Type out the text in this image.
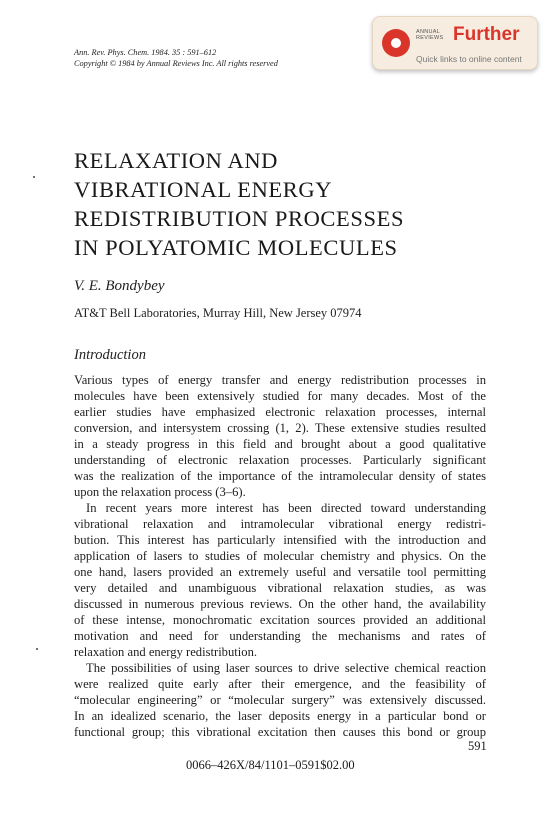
Ann. Rev. Phys. Chem. 1984. 35 : 591–612
Copyright © 1984 by Annual Reviews Inc. All rights reserved
ANNUAL
REVIEWS Further
Quick links to online content
RELAXATION AND
VIBRATIONAL ENERGY
REDISTRIBUTION PROCESSES
IN POLYATOMIC MOLECULES
V. E. Bondybey
AT&T Bell Laboratories, Murray Hill, New Jersey 07974
Introduction
Various types of energy transfer and energy redistribution processes in
molecules have been extensively studied for many decades. Most of the
earlier studies have emphasized electronic relaxation processes, internal
conversion, and intersystem crossing (1, 2). These extensive studies resulted
in a steady progress in this field and brought about a good qualitative
understanding of electronic relaxation processes. Particularly significant
was the realization of the importance of the intramolecular density of states
upon the relaxation process (3–6).
In recent years more interest has been directed toward understanding
vibrational relaxation and intramolecular vibrational energy redistri-
bution. This interest has particularly intensified with the introduction and
application of lasers to studies of molecular chemistry and physics. On the
one hand, lasers provided an extremely useful and versatile tool permitting
very detailed and unambiguous vibrational relaxation studies, as was
discussed in numerous previous reviews. On the other hand, the availability
of these intense, monochromatic excitation sources provided an additional
motivation and need for understanding the mechanisms and rates of
relaxation and energy redistribution.
The possibilities of using laser sources to drive selective chemical reaction
were realized quite early after their emergence, and the feasibility of
“molecular engineering” or “molecular surgery” was extensively discussed.
In an idealized scenario, the laser deposits energy in a particular bond or
functional group; this vibrational excitation then causes this bond or group
591
0066–426X/84/1101–0591$02.00
